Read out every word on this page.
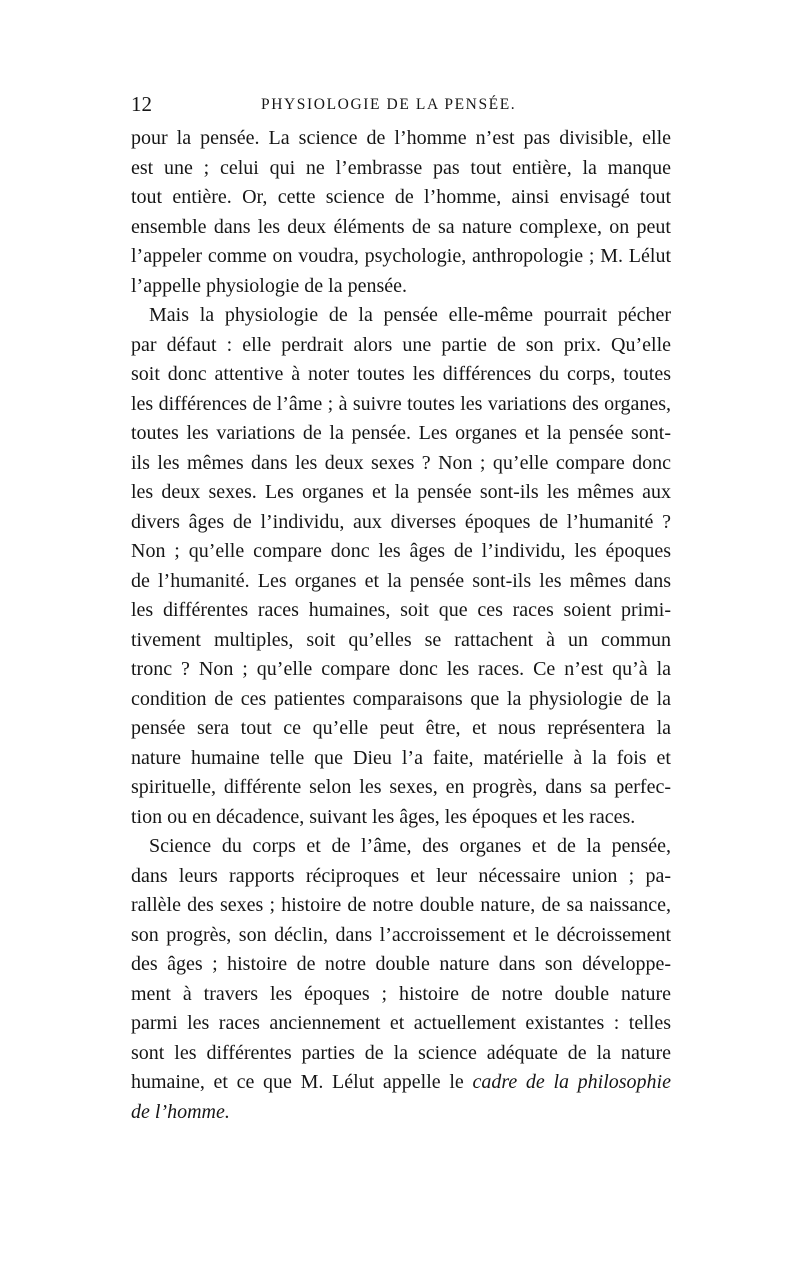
12	PHYSIOLOGIE DE LA PENSÉE.
pour la pensée. La science de l’homme n’est pas divisible, elle
est une ; celui qui ne l’embrasse pas tout entière, la manque
tout entière. Or, cette science de l’homme, ainsi envisagé tout
ensemble dans les deux éléments de sa nature complexe, on peut
l’appeler comme on voudra, psychologie, anthropologie ; M. Lélut
l’appelle physiologie de la pensée.
Mais la physiologie de la pensée elle-même pourrait pécher
par défaut : elle perdrait alors une partie de son prix. Qu’elle
soit donc attentive à noter toutes les différences du corps, toutes
les différences de l’âme ; à suivre toutes les variations des organes,
toutes les variations de la pensée. Les organes et la pensée sont-
ils les mêmes dans les deux sexes ? Non ; qu’elle compare donc
les deux sexes. Les organes et la pensée sont-ils les mêmes aux
divers âges de l’individu, aux diverses époques de l’humanité ?
Non ; qu’elle compare donc les âges de l’individu, les époques
de l’humanité. Les organes et la pensée sont-ils les mêmes dans
les différentes races humaines, soit que ces races soient primi-
tivement multiples, soit qu’elles se rattachent à un commun
tronc ? Non ; qu’elle compare donc les races. Ce n’est qu’à la
condition de ces patientes comparaisons que la physiologie de la
pensée sera tout ce qu’elle peut être, et nous représentera la
nature humaine telle que Dieu l’a faite, matérielle à la fois et
spirituelle, différente selon les sexes, en progrès, dans sa perfec-
tion ou en décadence, suivant les âges, les époques et les races.
Science du corps et de l’âme, des organes et de la pensée,
dans leurs rapports réciproques et leur nécessaire union ; pa-
rallèle des sexes ; histoire de notre double nature, de sa naissance,
son progrès, son déclin, dans l’accroissement et le décroissement
des âges ; histoire de notre double nature dans son développe-
ment à travers les époques ; histoire de notre double nature
parmi les races anciennement et actuellement existantes : telles
sont les différentes parties de la science adéquate de la nature
humaine, et ce que M. Lélut appelle le cadre de la philosophie
de l’homme.
